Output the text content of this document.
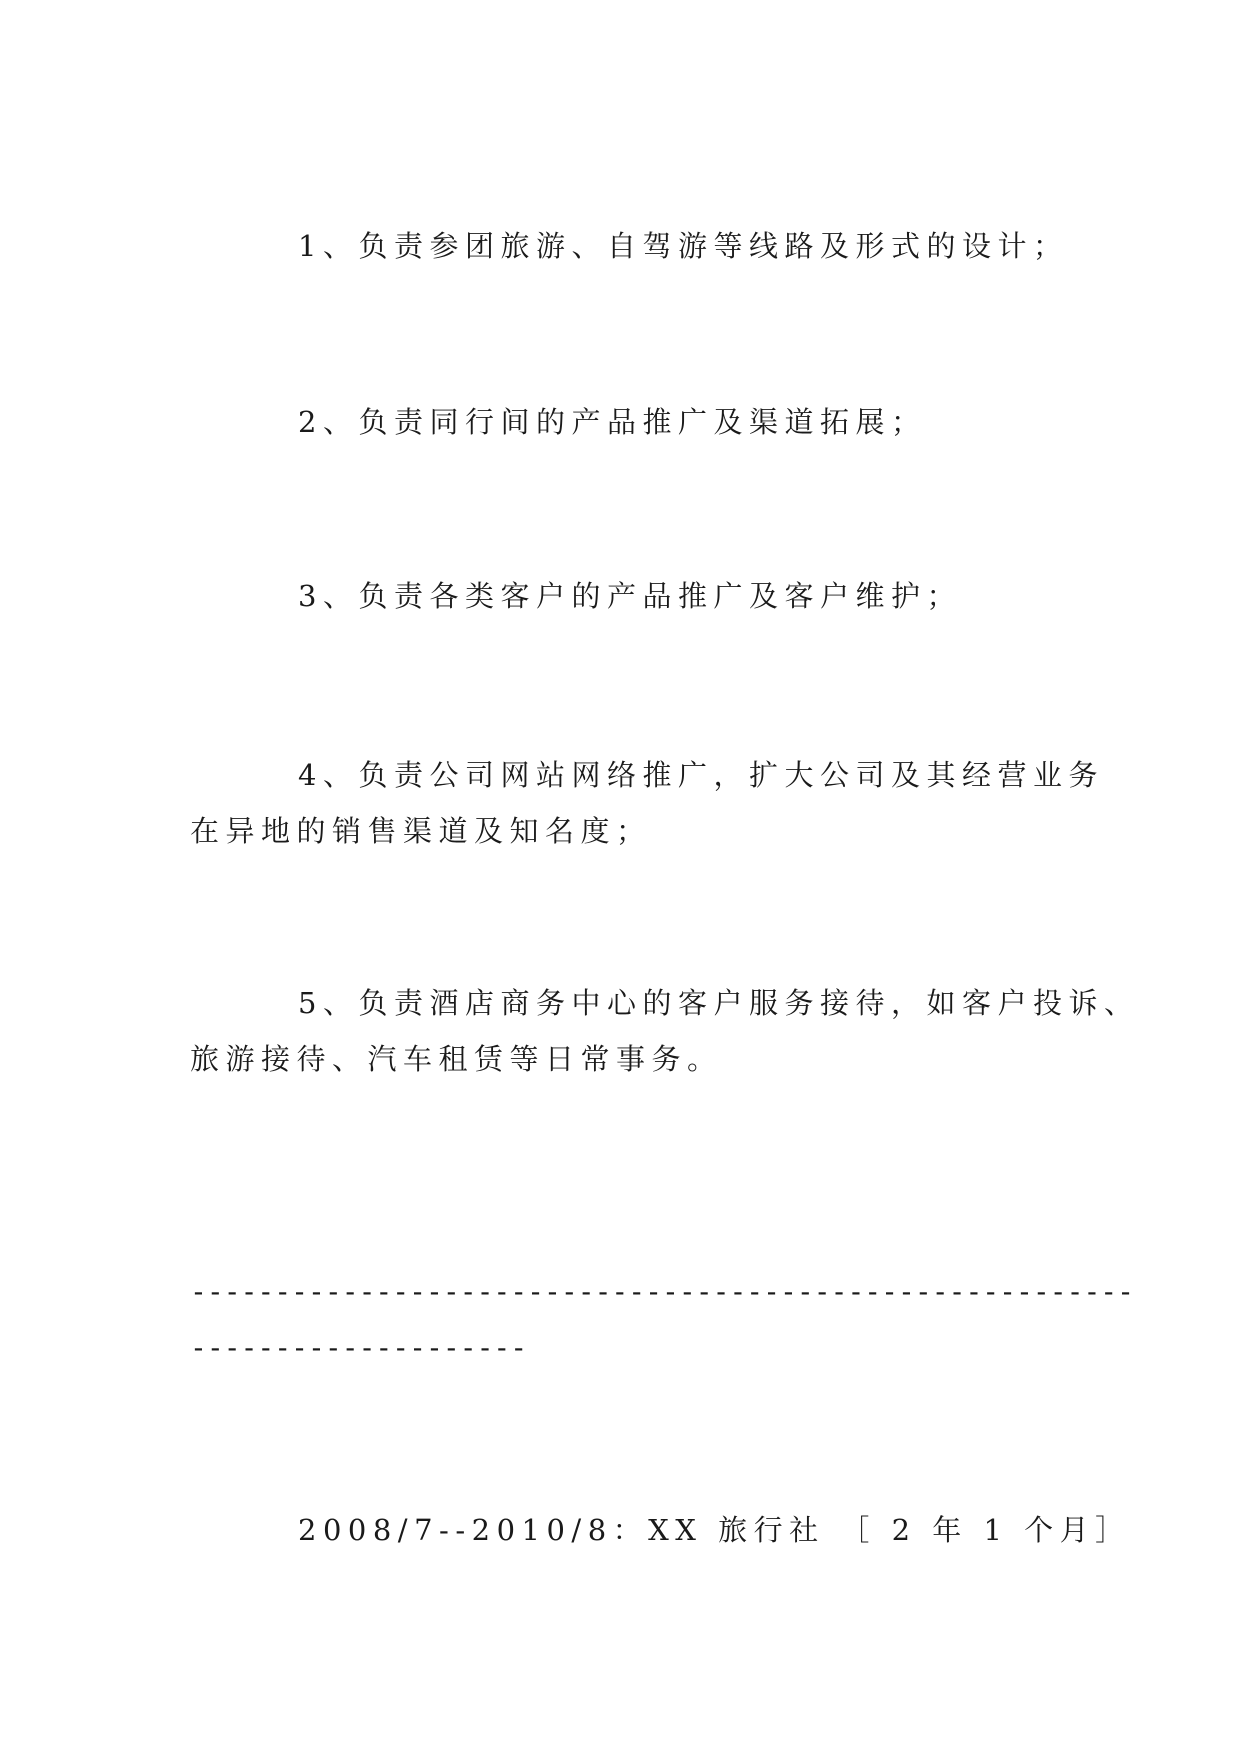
1、负责参团旅游、自驾游等线路及形式的设计；
2、负责同行间的产品推广及渠道拓展；
3、负责各类客户的产品推广及客户维护；
4、负责公司网站网络推广，扩大公司及其经营业务
在异地的销售渠道及知名度；
5、负责酒店商务中心的客户服务接待，如客户投诉、
旅游接待、汽车租赁等日常事务。
--------------------------------------------------------
--------------------
2008/7--2010/8：XX 旅行社 ［ 2 年 1 个月］
